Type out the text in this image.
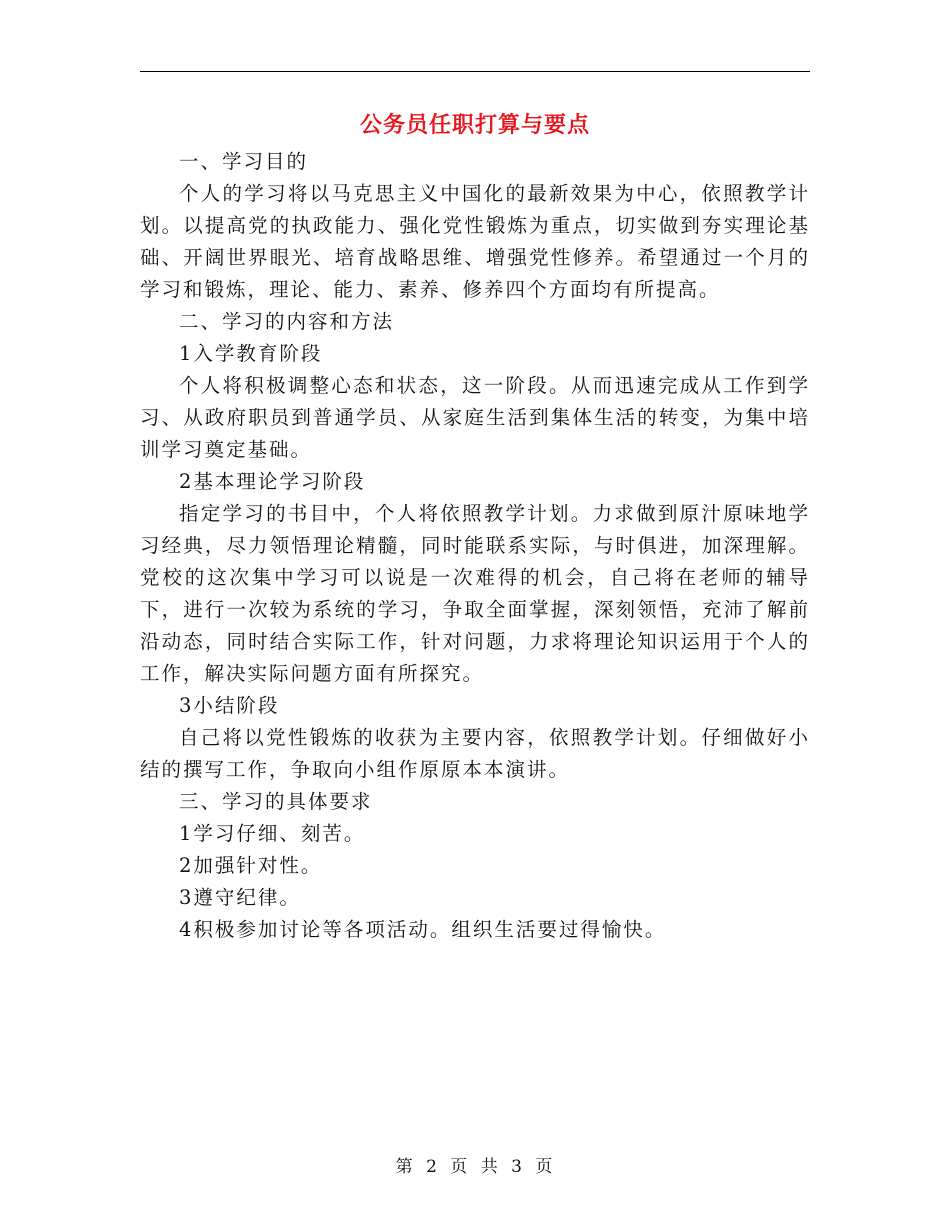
公务员任职打算与要点

一、学习目的

个人的学习将以马克思主义中国化的最新效果为中心，依照教学计划。以提高党的执政能力、强化党性锻炼为重点，切实做到夯实理论基础、开阔世界眼光、培育战略思维、增强党性修养。希望通过一个月的学习和锻炼，理论、能力、素养、修养四个方面均有所提高。

二、学习的内容和方法

1入学教育阶段

个人将积极调整心态和状态，这一阶段。从而迅速完成从工作到学习、从政府职员到普通学员、从家庭生活到集体生活的转变，为集中培训学习奠定基础。

2基本理论学习阶段

指定学习的书目中，个人将依照教学计划。力求做到原汁原味地学习经典，尽力领悟理论精髓，同时能联系实际，与时俱进，加深理解。党校的这次集中学习可以说是一次难得的机会，自己将在老师的辅导下，进行一次较为系统的学习，争取全面掌握，深刻领悟，充沛了解前沿动态，同时结合实际工作，针对问题，力求将理论知识运用于个人的工作，解决实际问题方面有所探究。

3小结阶段

自己将以党性锻炼的收获为主要内容，依照教学计划。仔细做好小结的撰写工作，争取向小组作原原本本演讲。

三、学习的具体要求

1学习仔细、刻苦。

2加强针对性。

3遵守纪律。

4积极参加讨论等各项活动。组织生活要过得愉快。

第 2 页 共 3 页
